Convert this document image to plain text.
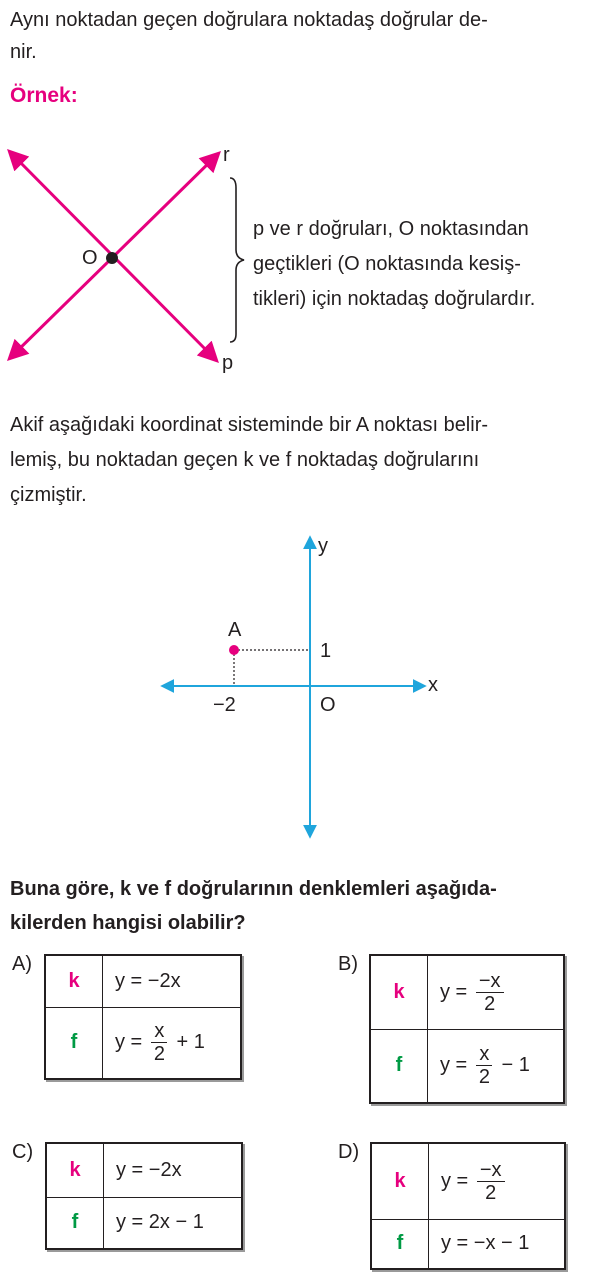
Aynı noktadan geçen doğrulara noktadaş doğrular de-
nir.
Örnek:
O
r
p
p ve r doğruları, O noktasından
geçtikleri (O noktasında kesiş-
tikleri) için noktadaş doğrulardır.
Akif aşağıdaki koordinat sisteminde bir A noktası belir-
lemiş, bu noktadan geçen k ve f noktadaş doğrularını
çizmiştir.
y
x
O
A
1
−2
Buna göre, k ve f doğrularının denklemleri aşağıda-
kilerden hangisi olabilir?
A)
k	y = −2x
f	$y = \frac{x}{2} + 1$
B)
k	$y = \frac{-x}{2}$

f	$y = \frac{x}{2} - 1$
C)
k	y = −2x
f	y = 2x − 1
D)
k	$y = \frac{-x}{2}$

f	y = −x − 1
